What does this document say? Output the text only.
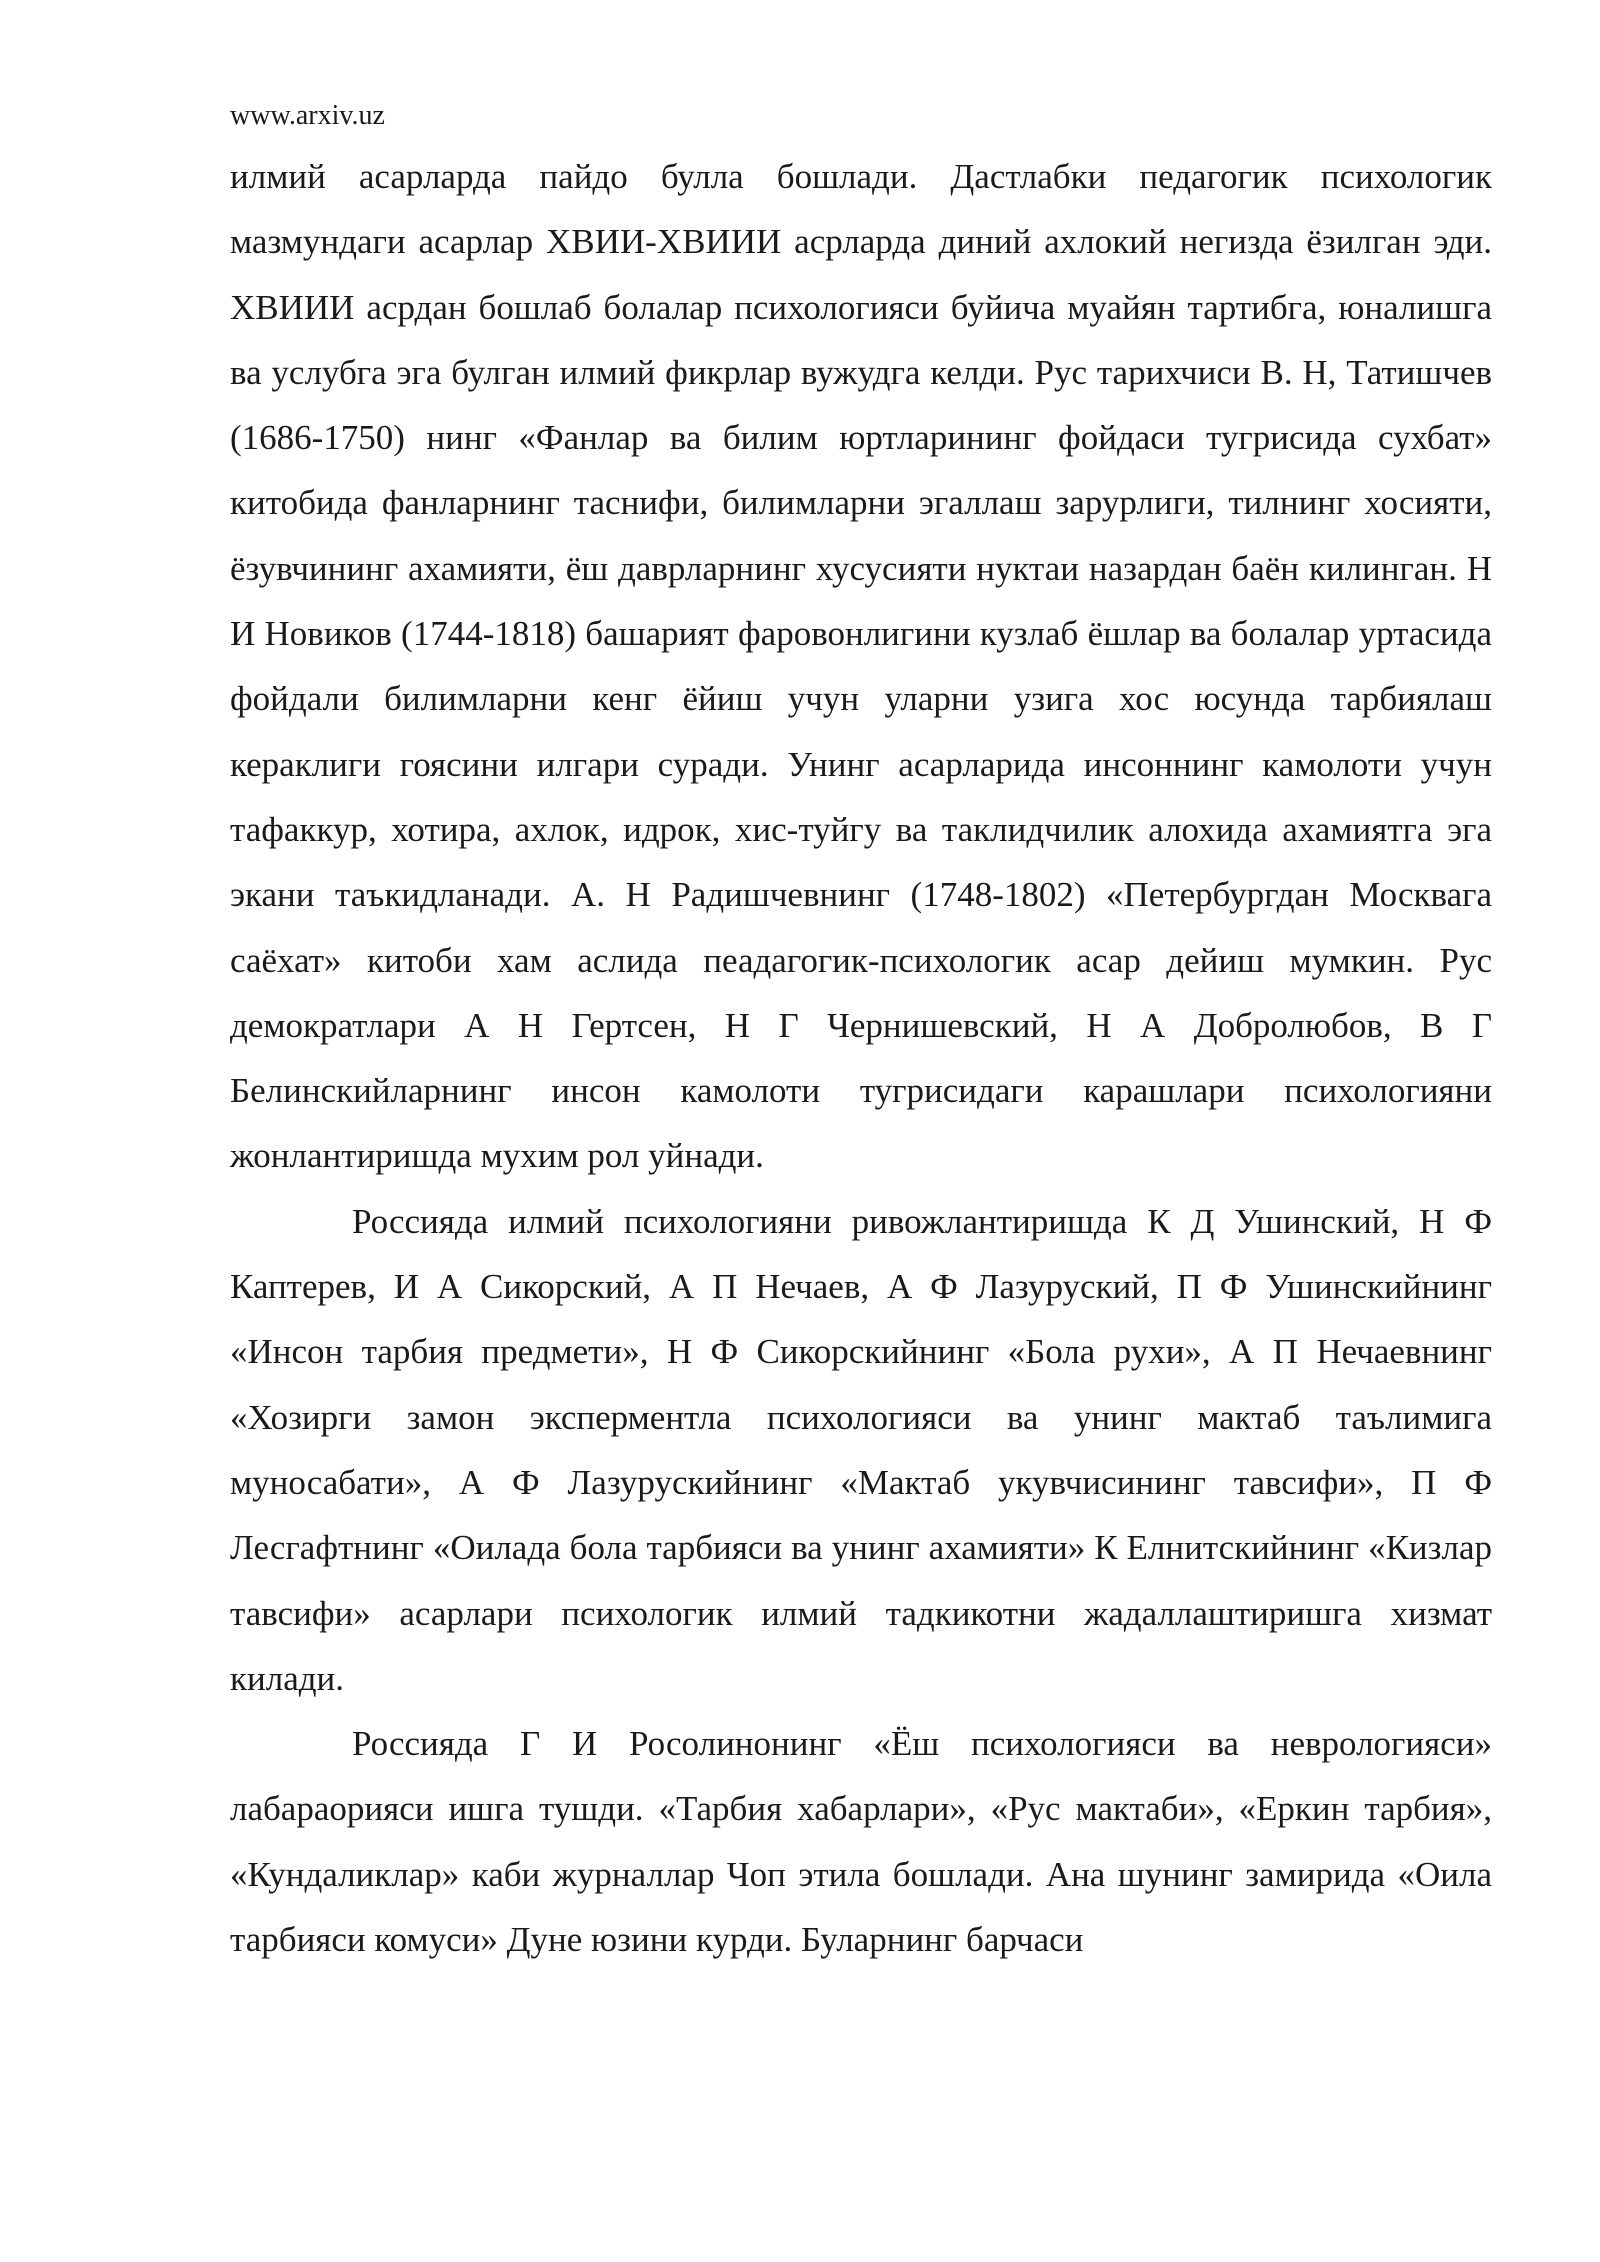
www.arxiv.uz

илмий асарларда пайдо булла бошлади. Дастлабки педагогик психологик мазмундаги асарлар ХВИИ-ХВИИИ асрларда диний ахлокий негизда ёзилган эди. ХВИИИ асрдан бошлаб болалар психологияси буйича муайян тартибга, юналишга ва услубга эга булган илмий фикрлар вужудга келди. Рус тарихчиси В. Н, Татишчев (1686-1750) нинг «Фанлар ва билим юртларининг фойдаси тугрисида сухбат» китобида фанларнинг таснифи, билимларни эгаллаш зарурлиги, тилнинг хосияти, ёзувчининг ахамияти, ёш даврларнинг хусусияти нуктаи назардан баён килинган. Н И Новиков (1744-1818) башарият фаровонлигини кузлаб ёшлар ва болалар уртасида фойдали билимларни кенг ёйиш учун уларни узига хос юсунда тарбиялаш кераклиги гоясини илгари суради. Унинг асарларида инсоннинг камолоти учун тафаккур, хотира, ахлок, идрок, хис-туйгу ва таклидчилик алохида ахамиятга эга экани таъкидланади. А. Н Радишчевнинг (1748-1802) «Петербургдан Москвага саёхат» китоби хам аслида пеадагогик-психологик асар дейиш мумкин. Рус демократлари А Н Гертсен, Н Г Чернишевский, Н А Добролюбов, В Г Белинскийларнинг инсон камолоти тугрисидаги карашлари психологияни жонлантиришда мухим рол уйнади.

Россияда илмий психологияни ривожлантиришда К Д Ушинский, Н Ф Каптерев, И А Сикорский, А П Нечаев, А Ф Лазуруский, П Ф Ушинскийнинг «Инсон тарбия предмети», Н Ф Сикорскийнинг «Бола рухи», А П Нечаевнинг «Хозирги замон эксперментла психологияси ва унинг мактаб таълимига муносабати», А Ф Лазурускийнинг «Мактаб укувчисининг тавсифи», П Ф Лесгафтнинг «Оилада бола тарбияси ва унинг ахамияти» К Елнитскийнинг «Кизлар тавсифи» асарлари психологик илмий тадкикотни жадаллаштиришга хизмат килади.

Россияда Г И Росолинонинг «Ёш психологияси ва неврологияси» лабараорияси ишга тушди. «Тарбия хабарлари», «Рус мактаби», «Еркин тарбия», «Кундаликлар» каби журналлар Чоп этила бошлади. Ана шунинг замирида «Оила тарбияси комуси» Дуне юзини курди. Буларнинг барчаси
